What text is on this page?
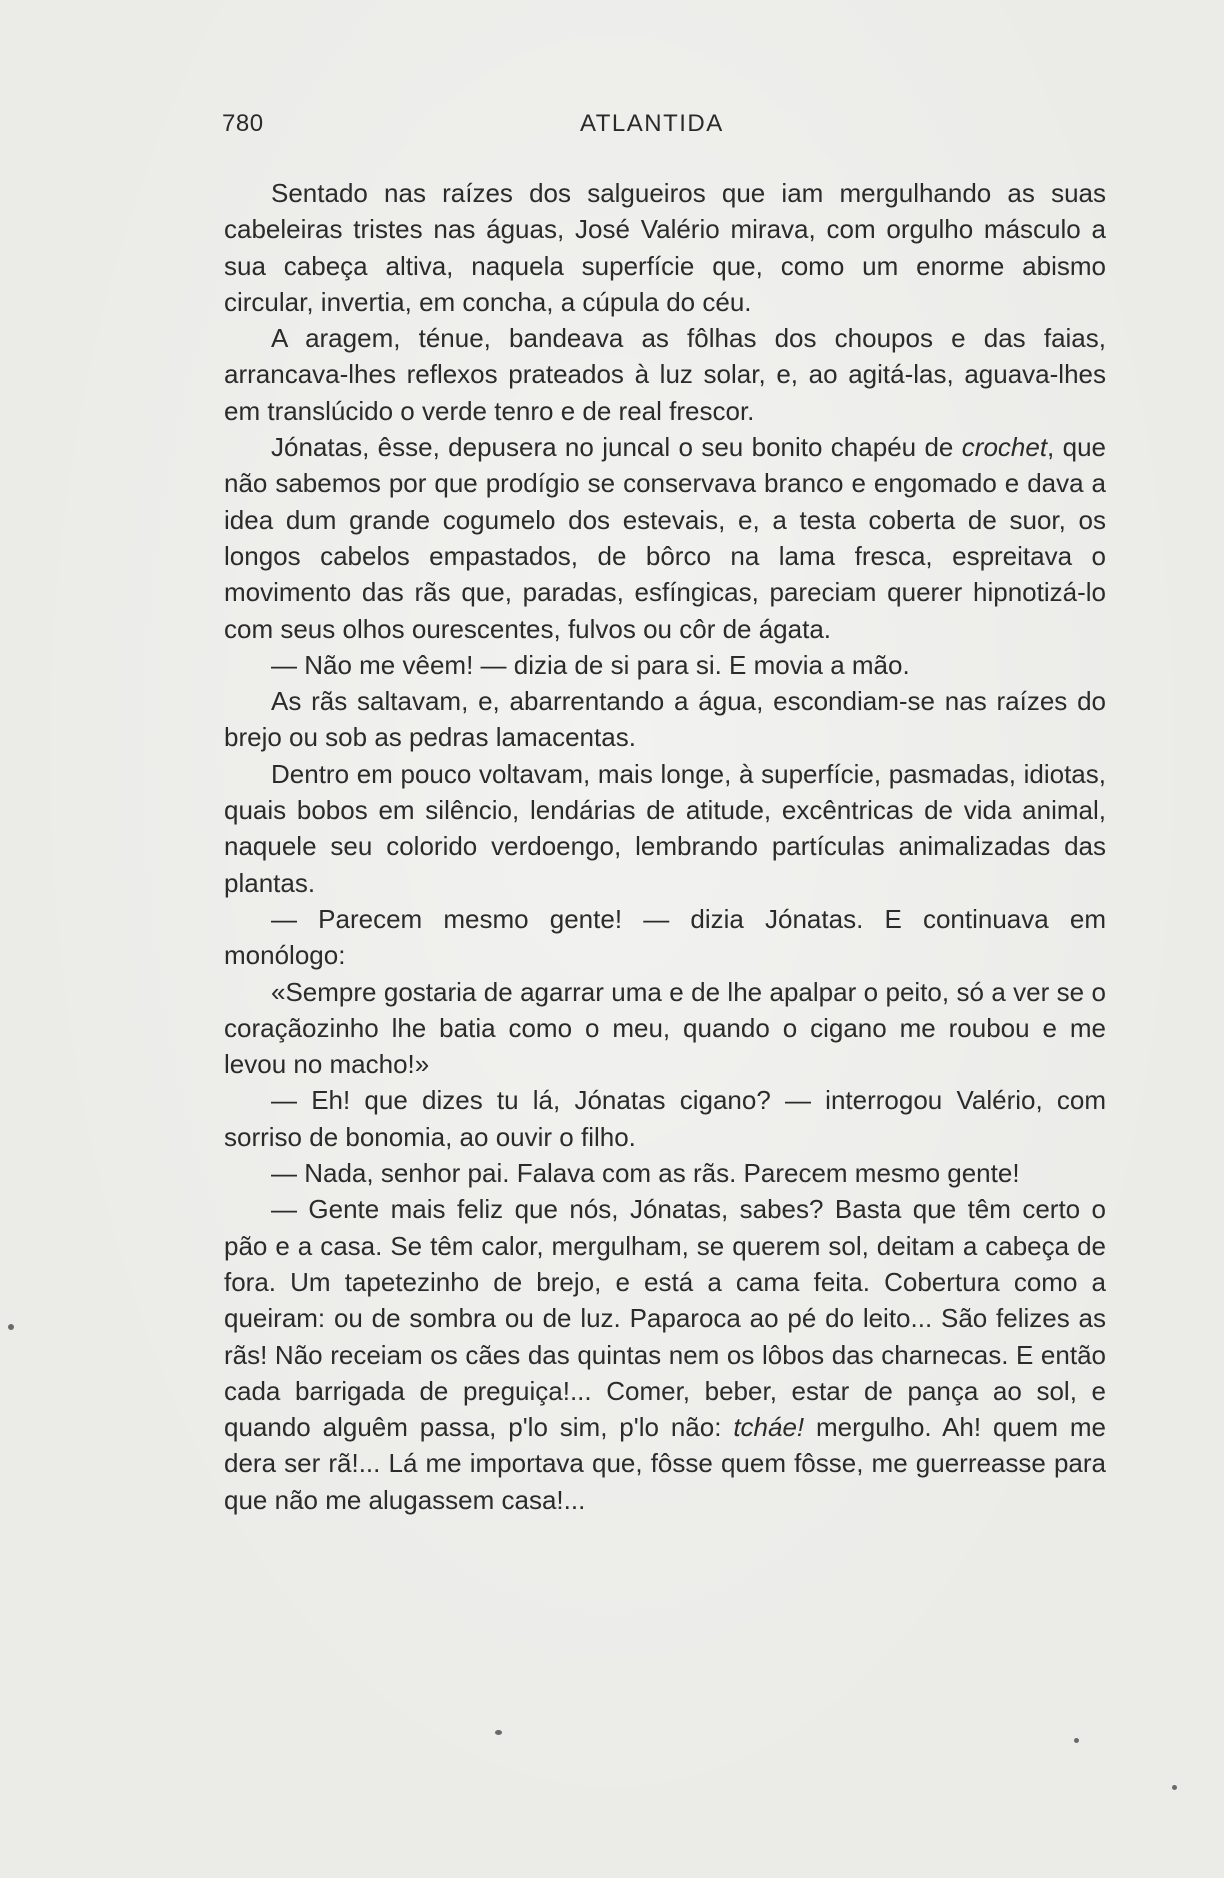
780	ATLANTIDA

Sentado nas raízes dos salgueiros que iam mergulhando as suas cabeleiras tristes nas águas, José Valério mirava, com orgulho másculo a sua cabeça altiva, naquela superfície que, como um enorme abismo circular, invertia, em concha, a cúpula do céu.

A aragem, ténue, bandeava as fôlhas dos choupos e das faias, arrancava-lhes reflexos prateados à luz solar, e, ao agitá-las, aguava-lhes em translúcido o verde tenro e de real frescor.

Jónatas, êsse, depusera no juncal o seu bonito chapéu de crochet, que não sabemos por que prodígio se conservava branco e engomado e dava a idea dum grande cogumelo dos estevais, e, a testa coberta de suor, os longos cabelos empastados, de bôrco na lama fresca, espreitava o movimento das rãs que, paradas, esfíngicas, pareciam querer hipnotizá-lo com seus olhos ourescentes, fulvos ou côr de ágata.

— Não me vêem! — dizia de si para si. E movia a mão.

As rãs saltavam, e, abarrentando a água, escondiam-se nas raízes do brejo ou sob as pedras lamacentas.

Dentro em pouco voltavam, mais longe, à superfície, pasmadas, idiotas, quais bobos em silêncio, lendárias de atitude, excêntricas de vida animal, naquele seu colorido verdoengo, lembrando partículas animalizadas das plantas.

— Parecem mesmo gente! — dizia Jónatas. E continuava em monólogo:

«Sempre gostaria de agarrar uma e de lhe apalpar o peito, só a ver se o coraçãozinho lhe batia como o meu, quando o cigano me roubou e me levou no macho!»

— Eh! que dizes tu lá, Jónatas cigano? — interrogou Valério, com sorriso de bonomia, ao ouvir o filho.

— Nada, senhor pai. Falava com as rãs. Parecem mesmo gente!

— Gente mais feliz que nós, Jónatas, sabes? Basta que têm certo o pão e a casa. Se têm calor, mergulham, se querem sol, deitam a cabeça de fora. Um tapetezinho de brejo, e está a cama feita. Cobertura como a queiram: ou de sombra ou de luz. Paparoca ao pé do leito... São felizes as rãs! Não receiam os cães das quintas nem os lôbos das charnecas. E então cada barrigada de preguiça!... Comer, beber, estar de pança ao sol, e quando alguêm passa, p'lo sim, p'lo não: tcháe! mergulho. Ah! quem me dera ser rã!... Lá me importava que, fôsse quem fôsse, me guerreasse para que não me alugassem casa!...
